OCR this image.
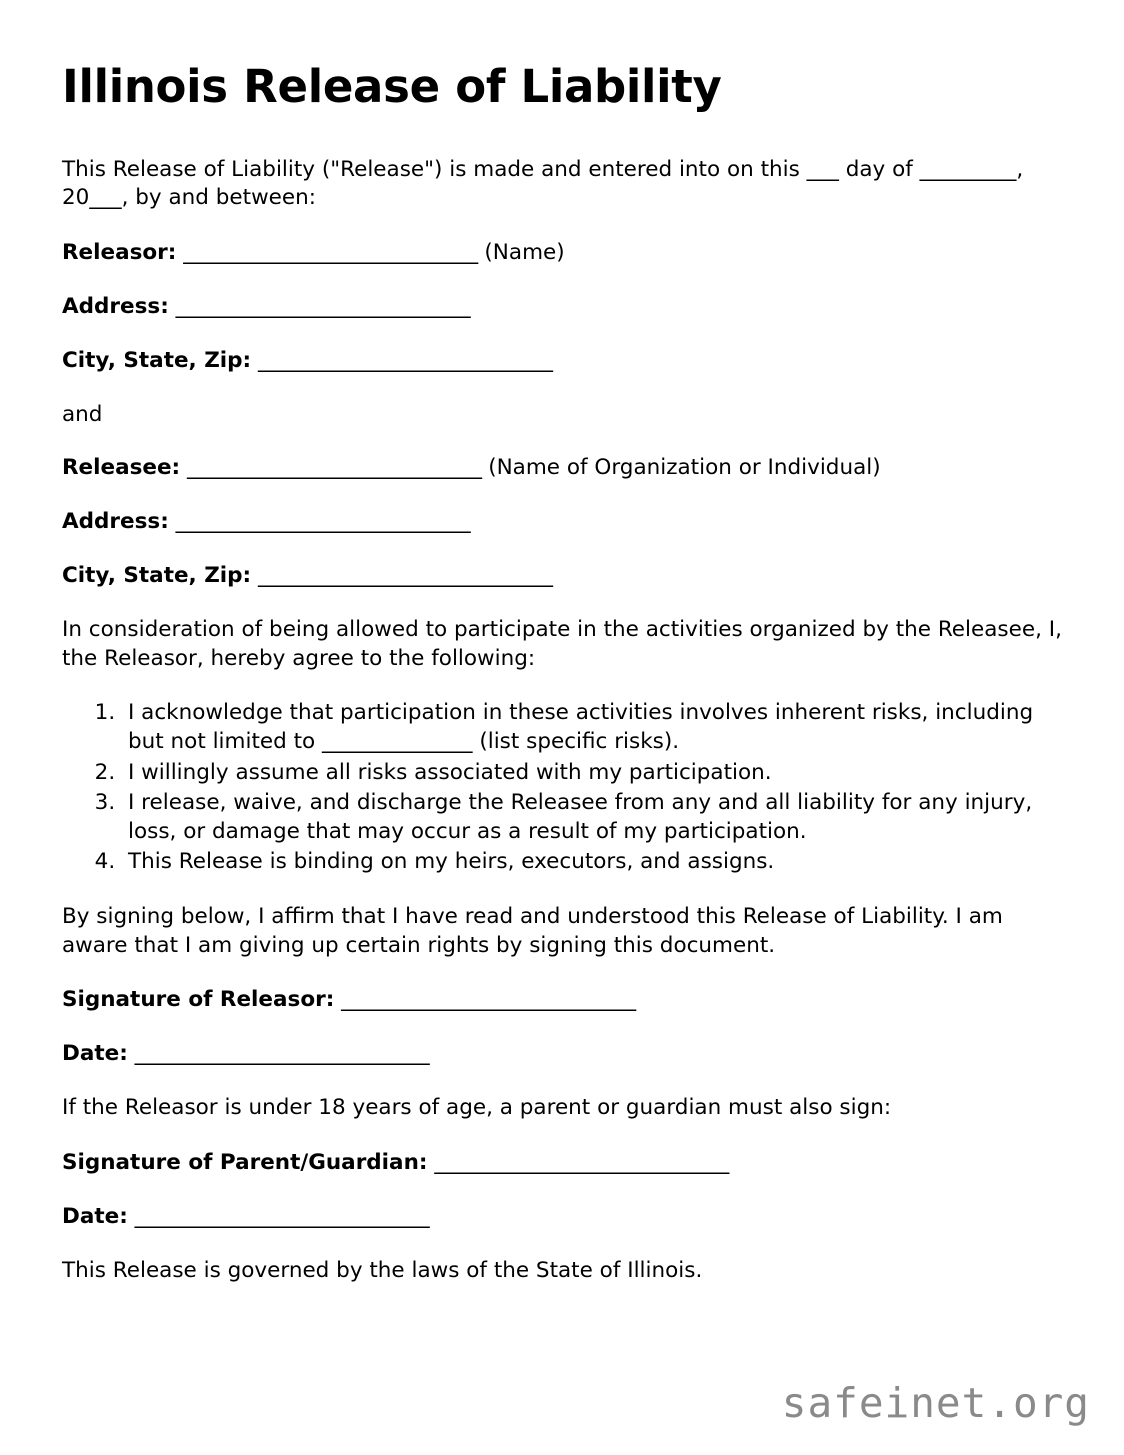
Illinois Release of Liability

This Release of Liability ("Release") is made and entered into on this ___ day of _________, 20___, by and between:

Releasor: _____________________________ (Name)
Address: _____________________________
City, State, Zip: _____________________________
and
Releasee: _____________________________ (Name of Organization or Individual)
Address: _____________________________
City, State, Zip: _____________________________

In consideration of being allowed to participate in the activities organized by the Releasee, I, the Releasor, hereby agree to the following:

1. I acknowledge that participation in these activities involves inherent risks, including but not limited to ______________ (list specific risks).
2. I willingly assume all risks associated with my participation.
3. I release, waive, and discharge the Releasee from any and all liability for any injury, loss, or damage that may occur as a result of my participation.
4. This Release is binding on my heirs, executors, and assigns.

By signing below, I affirm that I have read and understood this Release of Liability. I am aware that I am giving up certain rights by signing this document.

Signature of Releasor: _____________________________
Date: _____________________________

If the Releasor is under 18 years of age, a parent or guardian must also sign:

Signature of Parent/Guardian: _____________________________
Date: _____________________________

This Release is governed by the laws of the State of Illinois.

safeinet.org
